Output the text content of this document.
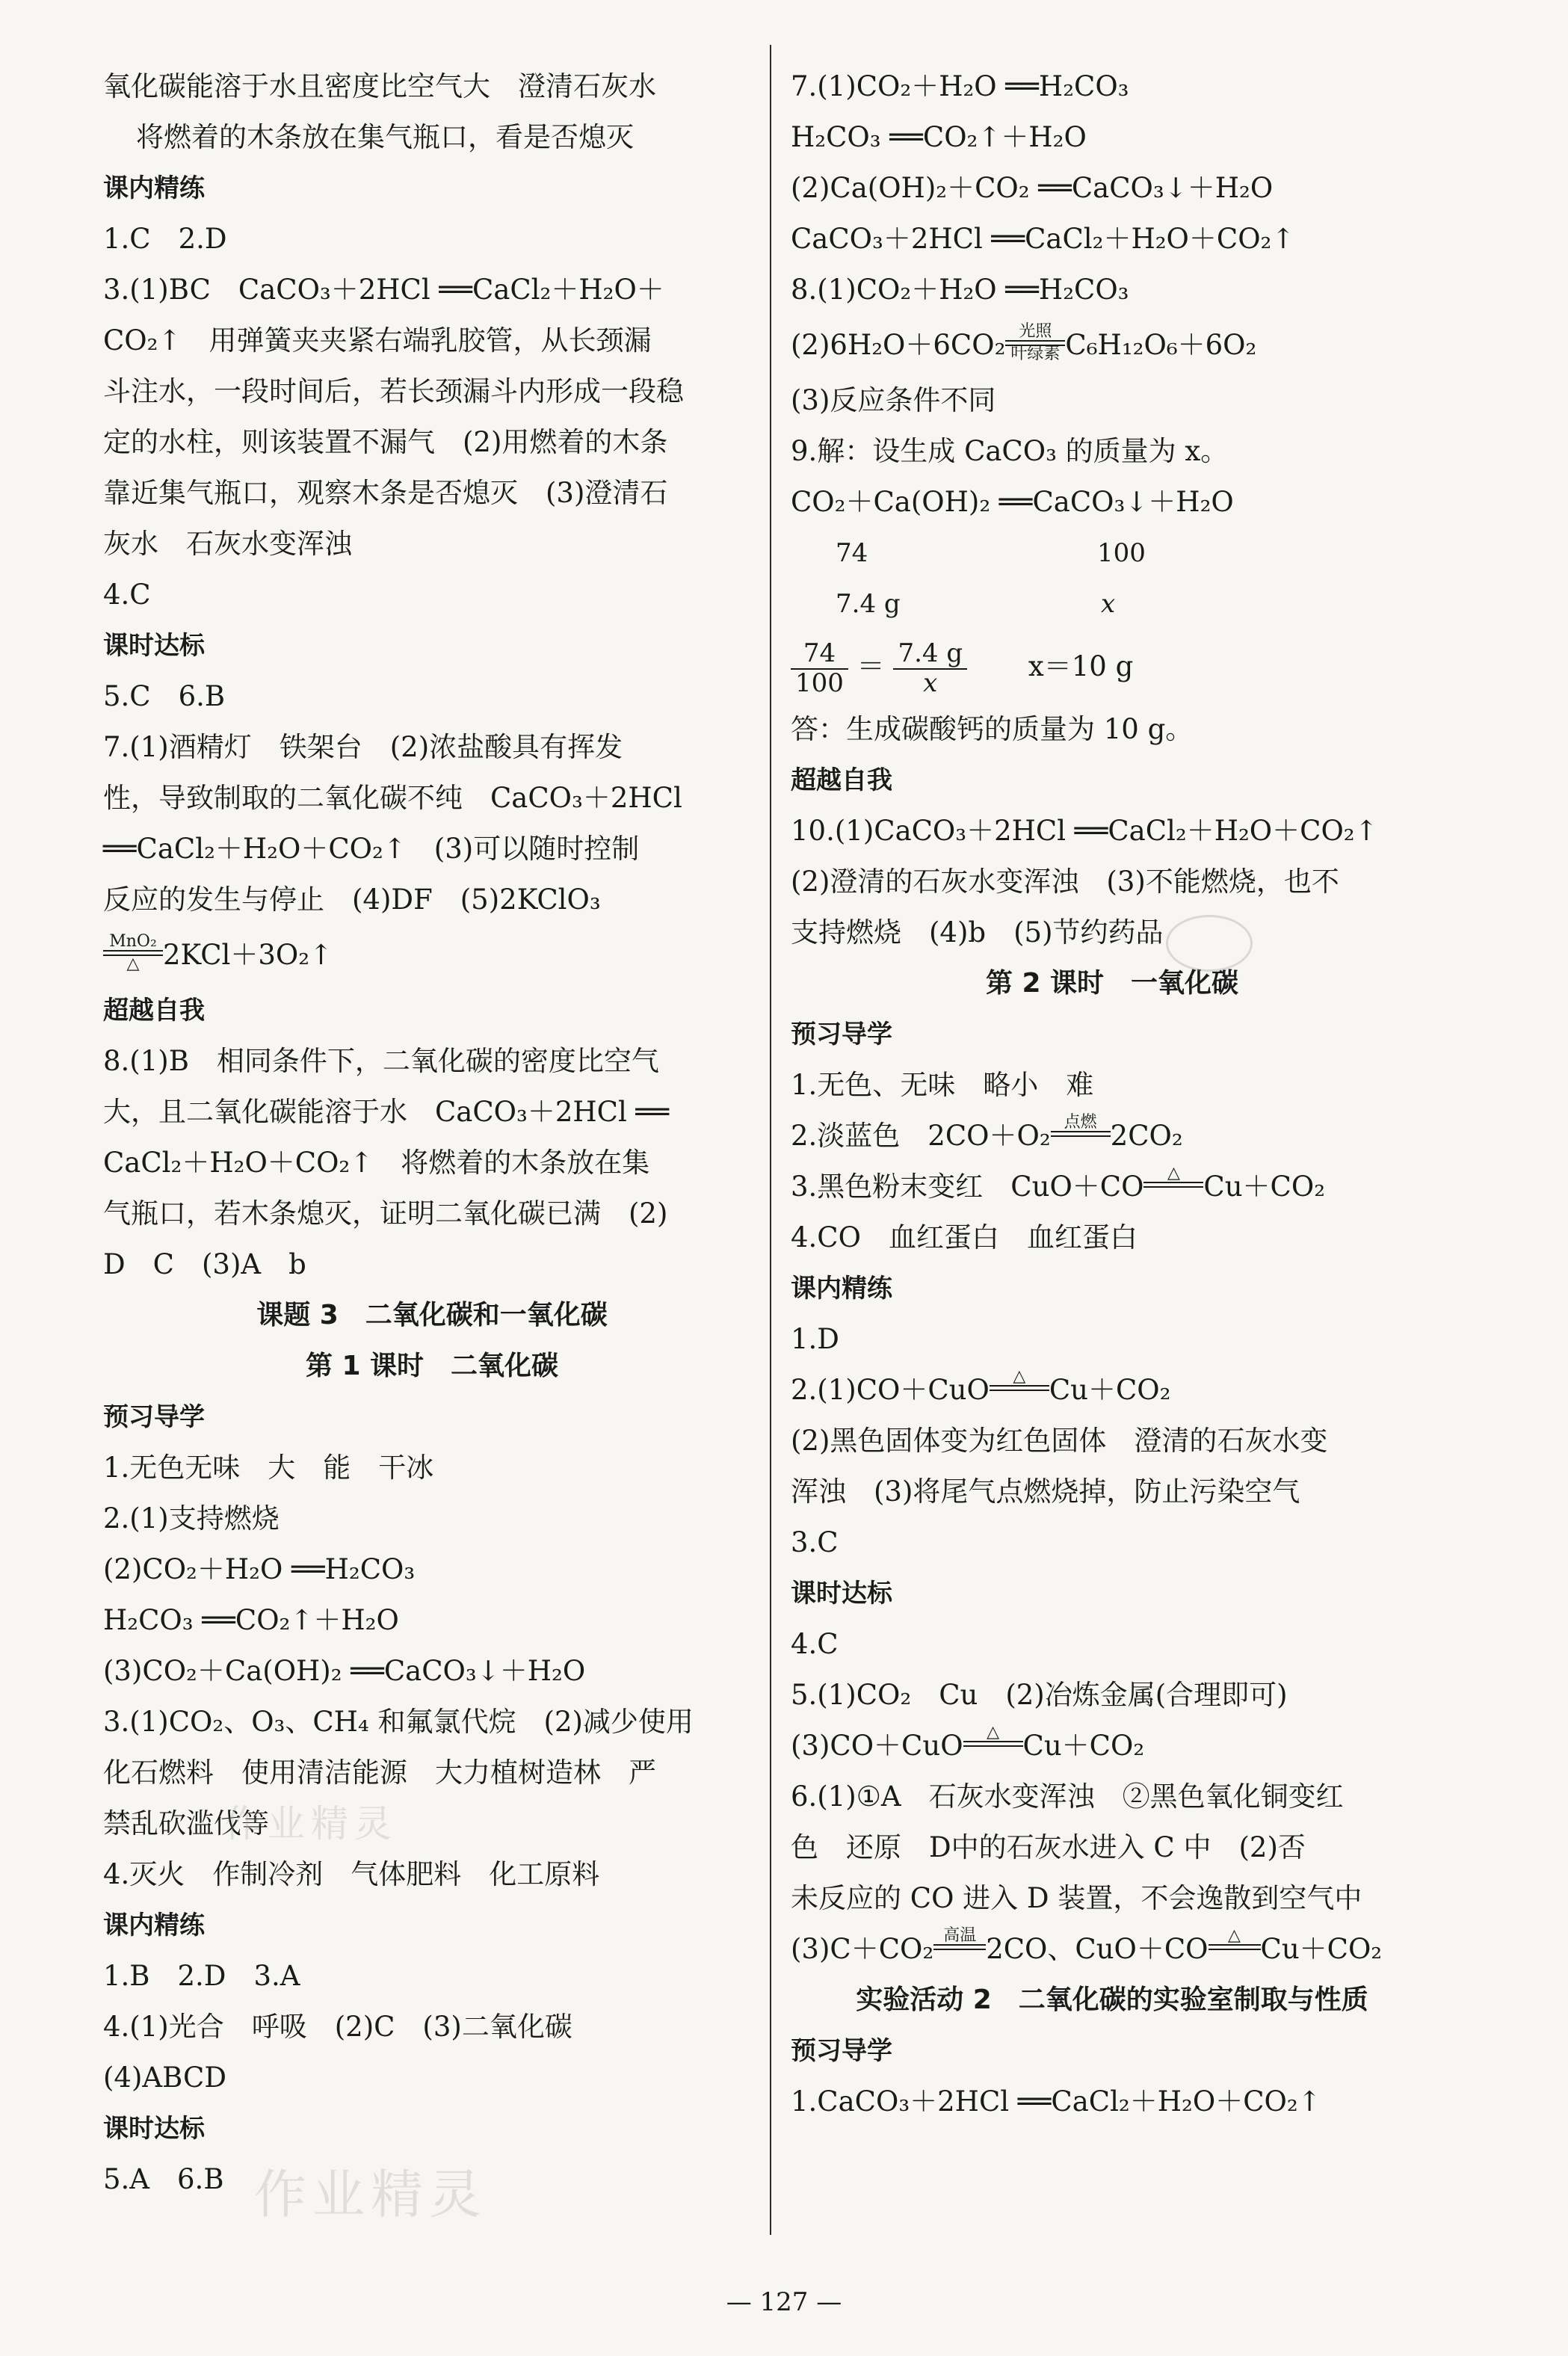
氧化碳能溶于水且密度比空气大　澄清石灰水
将燃着的木条放在集气瓶口，看是否熄灭
课内精练
1.C　2.D
3.(1)BC　CaCO₃＋2HCl ══CaCl₂＋H₂O＋
CO₂↑　用弹簧夹夹紧右端乳胶管，从长颈漏
斗注水，一段时间后，若长颈漏斗内形成一段稳
定的水柱，则该装置不漏气　(2)用燃着的木条
靠近集气瓶口，观察木条是否熄灭　(3)澄清石
灰水　石灰水变浑浊
4.C
课时达标
5.C　6.B
7.(1)酒精灯　铁架台　(2)浓盐酸具有挥发
性，导致制取的二氧化碳不纯　CaCO₃＋2HCl
══CaCl₂＋H₂O＋CO₂↑　(3)可以随时控制
反应的发生与停止　(4)DF　(5)2KClO₃
MnO₂
△ 2KCl＋3O₂↑
超越自我
8.(1)B　相同条件下，二氧化碳的密度比空气
大，且二氧化碳能溶于水　CaCO₃＋2HCl ══
CaCl₂＋H₂O＋CO₂↑　将燃着的木条放在集
气瓶口，若木条熄灭，证明二氧化碳已满　(2)
D　C　(3)A　b
课题 3　二氧化碳和一氧化碳
第 1 课时　二氧化碳
预习导学
1.无色无味　大　能　干冰
2.(1)支持燃烧
(2)CO₂＋H₂O ══H₂CO₃
H₂CO₃ ══CO₂↑＋H₂O
(3)CO₂＋Ca(OH)₂ ══CaCO₃↓＋H₂O
3.(1)CO₂、O₃、CH₄ 和氟氯代烷　(2)减少使用
化石燃料　使用清洁能源　大力植树造林　严
禁乱砍滥伐等
4.灭火　作制冷剂　气体肥料　化工原料
课内精练
1.B　2.D　3.A
4.(1)光合　呼吸　(2)C　(3)二氧化碳
(4)ABCD
课时达标
5.A　6.B
7.(1)CO₂＋H₂O ══H₂CO₃
H₂CO₃ ══CO₂↑＋H₂O
(2)Ca(OH)₂＋CO₂ ══CaCO₃↓＋H₂O
CaCO₃＋2HCl ══CaCl₂＋H₂O＋CO₂↑
8.(1)CO₂＋H₂O ══H₂CO₃
(2)6H₂O＋6CO₂ 光照
叶绿素 C₆H₁₂O₆＋6O₂
(3)反应条件不同
9.解：设生成 CaCO₃ 的质量为 x。
CO₂＋Ca(OH)₂ ══CaCO₃↓＋H₂O
74	100
7.4 g	x
$\frac{74}{100} = \frac{7.4 g}{x} x=10$ g
答：生成碳酸钙的质量为 10 g。
超越自我
10.(1)CaCO₃＋2HCl ══CaCl₂＋H₂O＋CO₂↑
(2)澄清的石灰水变浑浊　(3)不能燃烧，也不
支持燃烧　(4)b　(5)节约药品
第 2 课时　一氧化碳
预习导学
1.无色、无味　略小　难
2.淡蓝色　2CO＋O₂ 点燃 2CO₂
3.黑色粉末变红　CuO＋CO	△ Cu＋CO₂
4.CO　血红蛋白　血红蛋白
课内精练
1.D
2.(1)CO＋CuO	△ Cu＋CO₂
(2)黑色固体变为红色固体　澄清的石灰水变
浑浊　(3)将尾气点燃烧掉，防止污染空气
3.C
课时达标
4.C
5.(1)CO₂　Cu　(2)冶炼金属(合理即可)
(3)CO＋CuO	△ Cu＋CO₂
6.(1)①A　石灰水变浑浊　②黑色氧化铜变红
色　还原　D中的石灰水进入 C 中　(2)否
未反应的 CO 进入 D 装置，不会逸散到空气中
(3)C＋CO₂ 高温 2CO、CuO＋CO	△ Cu＋CO₂
实验活动 2　二氧化碳的实验室制取与性质
预习导学
1.CaCO₃＋2HCl ══CaCl₂＋H₂O＋CO₂↑
作业精灵
作业精灵
— 127 —
